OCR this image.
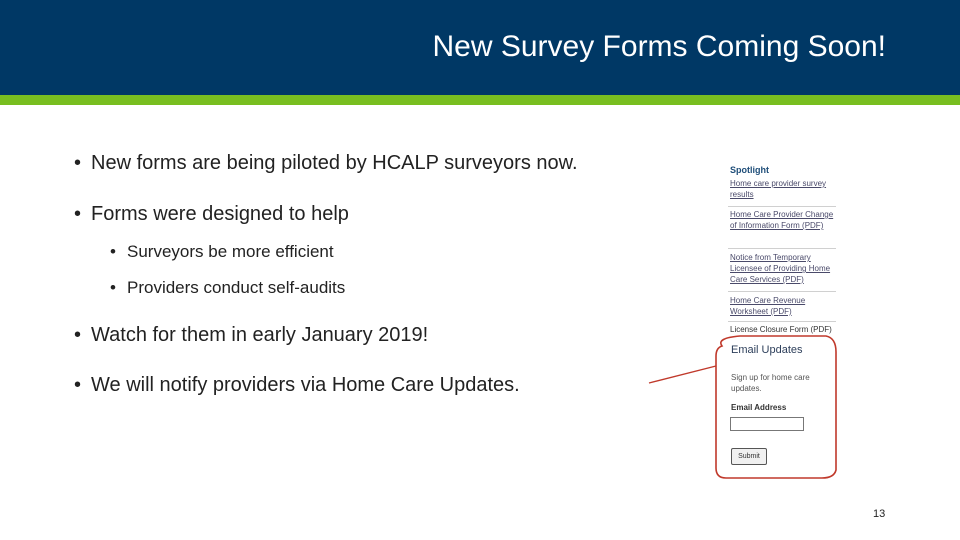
New Survey Forms Coming Soon!
• New forms are being piloted by HCALP surveyors now.
• Forms were designed to help
• Surveyors be more efficient
• Providers conduct self-audits
• Watch for them in early January 2019!
• We will notify providers via Home Care Updates.
Spotlight
Home care provider survey results
Home Care Provider Change of Information Form (PDF)
Notice from Temporary Licensee of Providing Home Care Services (PDF)
Home Care Revenue Worksheet (PDF)
License Closure Form (PDF)
Email Updates
Sign up for home care updates.
Email Address
Submit
13
